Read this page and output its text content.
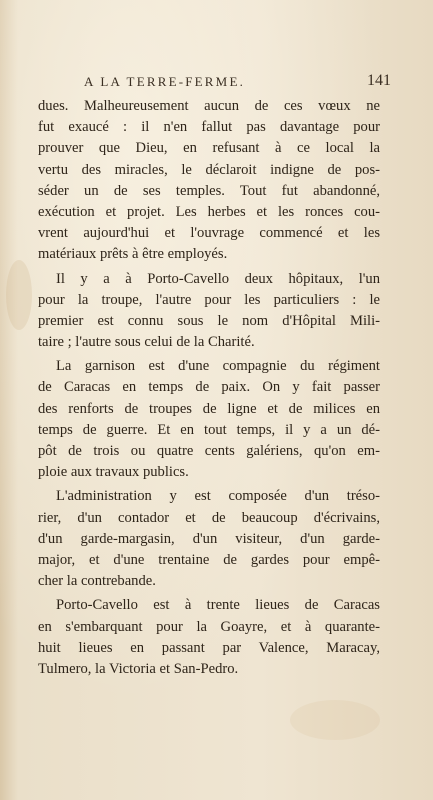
A LA TERRE-FERME.	141
dues. Malheureusement aucun de ces vœux ne
fut exaucé : il n'en fallut pas davantage pour
prouver que Dieu, en refusant à ce local la
vertu des miracles, le déclaroit indigne de pos-
séder un de ses temples. Tout fut abandonné,
exécution et projet. Les herbes et les ronces cou-
vrent aujourd'hui et l'ouvrage commencé et les
matériaux prêts à être employés.
Il y a à Porto-Cavello deux hôpitaux, l'un
pour la troupe, l'autre pour les particuliers : le
premier est connu sous le nom d'Hôpital Mili-
taire ; l'autre sous celui de la Charité.
La garnison est d'une compagnie du régiment
de Caracas en temps de paix. On y fait passer
des renforts de troupes de ligne et de milices en
temps de guerre. Et en tout temps, il y a un dé-
pôt de trois ou quatre cents galériens, qu'on em-
ploie aux travaux publics.
L'administration y est composée d'un tréso-
rier, d'un contador et de beaucoup d'écrivains,
d'un garde-margasin, d'un visiteur, d'un garde-
major, et d'une trentaine de gardes pour empê-
cher la contrebande.
Porto-Cavello est à trente lieues de Caracas
en s'embarquant pour la Goayre, et à quarante-
huit lieues en passant par Valence, Maracay,
Tulmero, la Victoria et San-Pedro.
